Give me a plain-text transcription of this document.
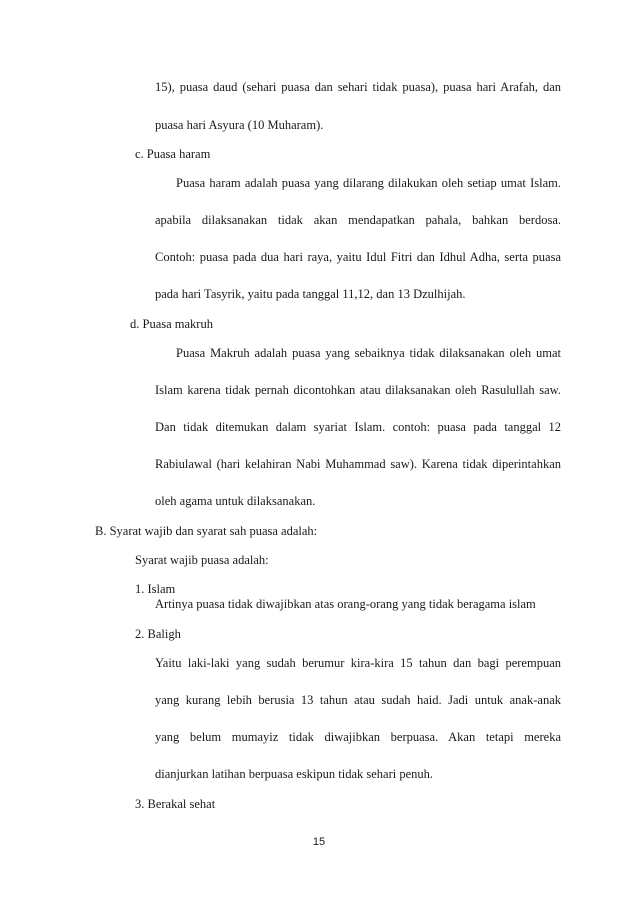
15), puasa daud (sehari puasa dan sehari tidak puasa), puasa hari Arafah, dan
puasa hari Asyura (10 Muharam).
c. Puasa haram
Puasa haram adalah puasa yang dilarang dilakukan oleh setiap umat Islam.
apabila dilaksanakan tidak akan mendapatkan pahala, bahkan berdosa.
Contoh: puasa pada dua hari raya, yaitu Idul Fitri dan Idhul Adha, serta puasa
pada hari Tasyrik, yaitu pada tanggal 11,12, dan 13 Dzulhijah.
d. Puasa makruh
Puasa Makruh adalah puasa yang sebaiknya tidak dilaksanakan oleh umat
Islam karena tidak pernah dicontohkan atau dilaksanakan oleh Rasulullah saw.
Dan tidak ditemukan dalam syariat Islam. contoh: puasa pada tanggal 12
Rabiulawal (hari kelahiran Nabi Muhammad saw). Karena tidak diperintahkan
oleh agama untuk dilaksanakan.
B. Syarat wajib dan syarat sah puasa adalah:
Syarat wajib puasa adalah:
1. Islam
Artinya puasa tidak diwajibkan atas orang-orang yang tidak beragama islam
2. Baligh
Yaitu laki-laki yang sudah berumur kira-kira 15 tahun dan bagi perempuan
yang kurang lebih berusia 13 tahun atau sudah haid. Jadi untuk anak-anak
yang belum mumayiz tidak diwajibkan berpuasa. Akan tetapi mereka
dianjurkan latihan berpuasa eskipun tidak sehari penuh.
3. Berakal sehat
15
